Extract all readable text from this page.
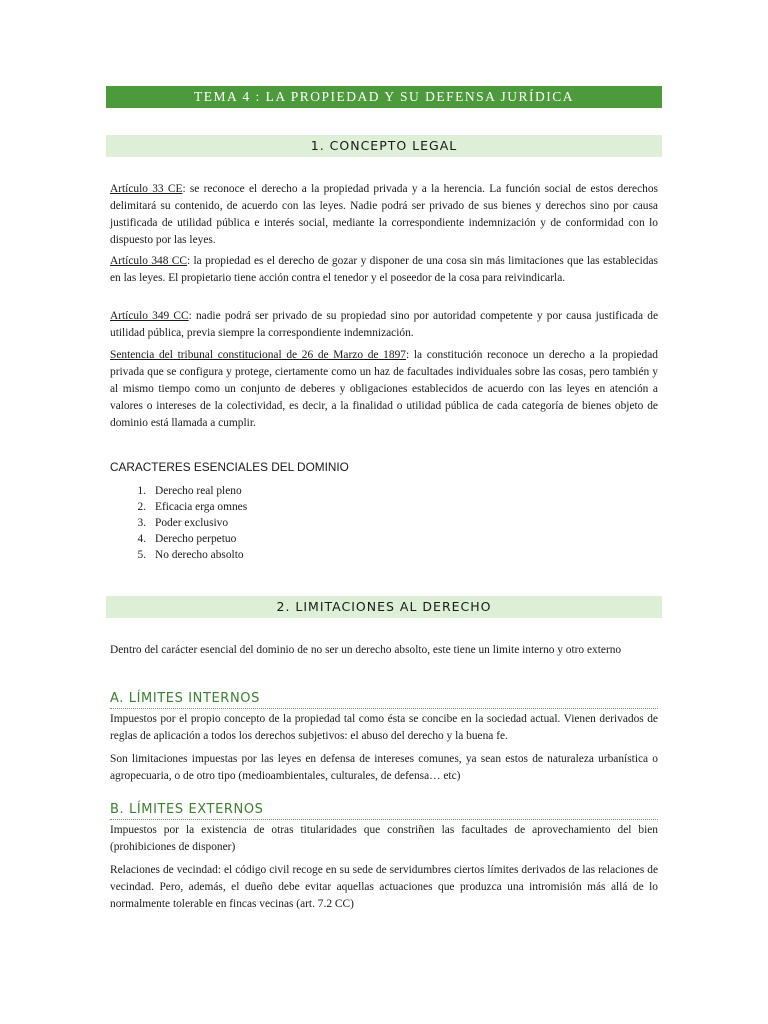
TEMA 4 : LA PROPIEDAD Y SU DEFENSA JURÍDICA
1. CONCEPTO LEGAL
Artículo 33 CE: se reconoce el derecho a la propiedad privada y a la herencia. La función social de estos derechos delimitará su contenido, de acuerdo con las leyes. Nadie podrá ser privado de sus bienes y derechos sino por causa justificada de utilidad pública e interés social, mediante la correspondiente indemnización y de conformidad con lo dispuesto por las leyes.
Artículo 348 CC: la propiedad es el derecho de gozar y disponer de una cosa sin más limitaciones que las establecidas en las leyes. El propietario tiene acción contra el tenedor y el poseedor de la cosa para reivindicarla.
Artículo 349 CC: nadie podrá ser privado de su propiedad sino por autoridad competente y por causa justificada de utilidad pública, previa siempre la correspondiente indemnización.
Sentencia del tribunal constitucional de 26 de Marzo de 1897: la constitución reconoce un derecho a la propiedad privada que se configura y protege, ciertamente como un haz de facultades individuales sobre las cosas, pero también y al mismo tiempo como un conjunto de deberes y obligaciones establecidos de acuerdo con las leyes en atención a valores o intereses de la colectividad, es decir, a la finalidad o utilidad pública de cada categoría de bienes objeto de dominio está llamada a cumplir.
CARACTERES ESENCIALES DEL DOMINIO
1. Derecho real pleno
2. Eficacia erga omnes
3. Poder exclusivo
4. Derecho perpetuo
5. No derecho absolto
2. LIMITACIONES AL DERECHO
Dentro del carácter esencial del dominio de no ser un derecho absolto, este tiene un limite interno y otro externo
A. LÍMITES INTERNOS
Impuestos por el propio concepto de la propiedad tal como ésta se concibe en la sociedad actual. Vienen derivados de reglas de aplicación a todos los derechos subjetivos: el abuso del derecho y la buena fe.
Son limitaciones impuestas por las leyes en defensa de intereses comunes, ya sean estos de naturaleza urbanística o agropecuaria, o de otro tipo (medioambientales, culturales, de defensa… etc)
B. LÍMITES EXTERNOS
Impuestos por la existencia de otras titularidades que constriñen las facultades de aprovechamiento del bien (prohibiciones de disponer)
Relaciones de vecindad: el código civil recoge en su sede de servidumbres ciertos límites derivados de las relaciones de vecindad. Pero, además, el dueño debe evitar aquellas actuaciones que produzca una intromisión más allá de lo normalmente tolerable en fincas vecinas (art. 7.2 CC)
